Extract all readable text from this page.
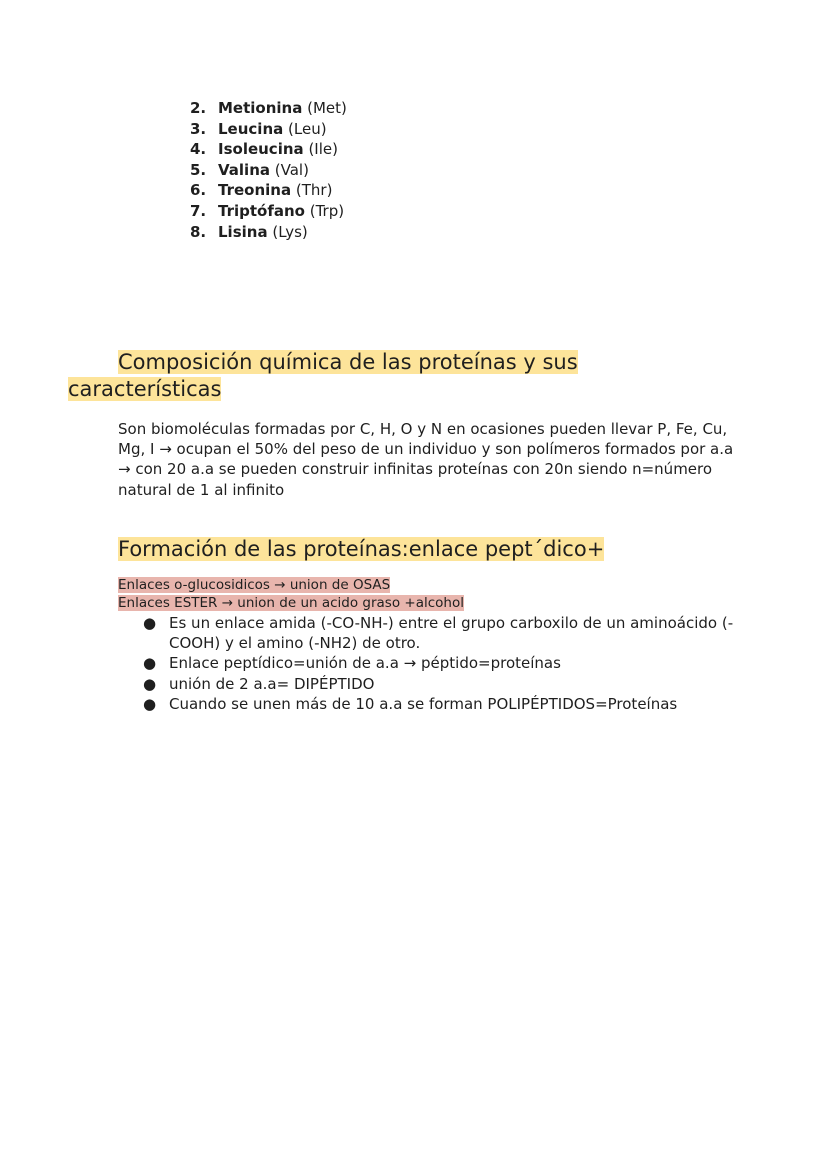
2. Metionina (Met)
3. Leucina (Leu)
4. Isoleucina (Ile)
5. Valina (Val)
6. Treonina (Thr)
7. Triptófano (Trp)
8. Lisina (Lys)
Composición química de las proteínas y sus
características

Son biomoléculas formadas por C, H, O y N en ocasiones pueden llevar P, Fe, Cu, Mg, I → ocupan el 50% del peso de un individuo y son polímeros formados por a.a → con 20 a.a se pueden construir infinitas proteínas con 20n siendo n=número natural de 1 al infinito

Formación de las proteínas:enlace pept´dico+

Enlaces o-glucosidicos → union de OSAS

Enlaces ESTER → union de un acido graso +alcohol

● Es un enlace amida (-CO-NH-) entre el grupo carboxilo de un aminoácido (-COOH) y el amino (-NH2) de otro.
● Enlace peptídico=unión de a.a → péptido=proteínas
● unión de 2 a.a= DIPÉPTIDO
● Cuando se unen más de 10 a.a se forman POLIPÉPTIDOS=Proteínas
